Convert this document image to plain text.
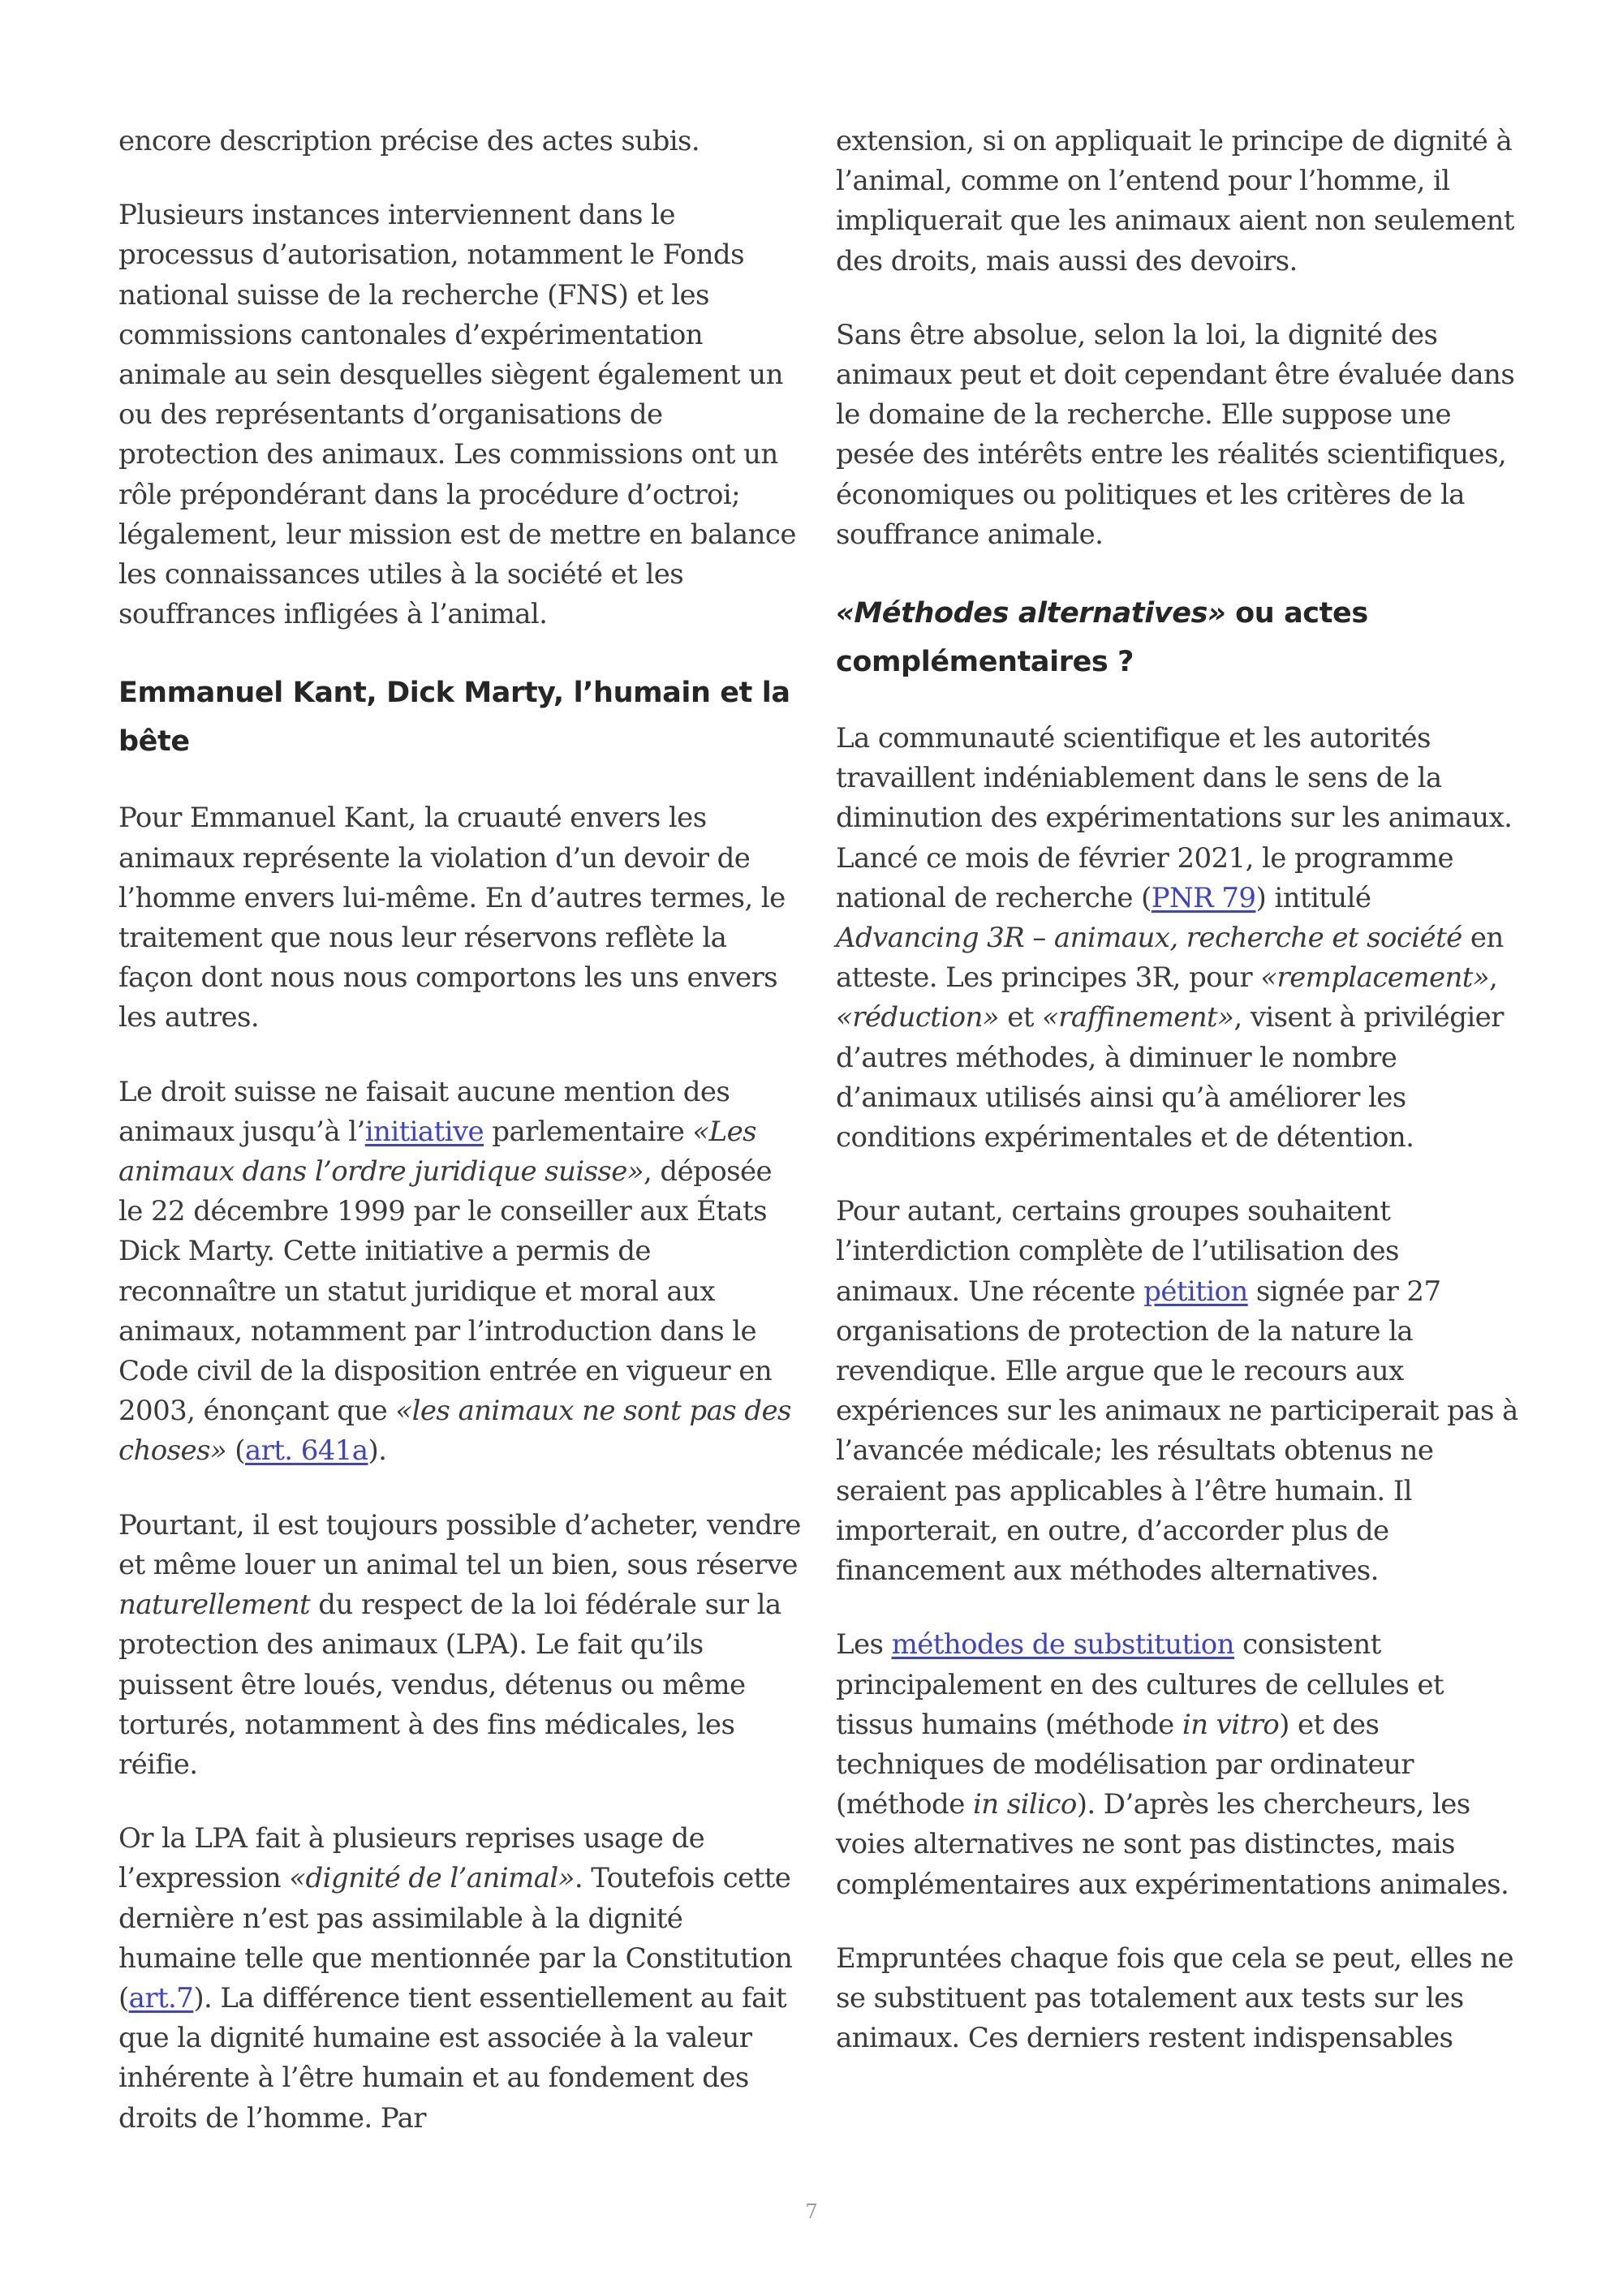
encore description précise des actes subis.

Plusieurs instances interviennent dans le processus d’autorisation, notamment le Fonds national suisse de la recherche (FNS) et les commissions cantonales d’expérimentation animale au sein desquelles siègent également un ou des représentants d’organisations de protection des animaux. Les commissions ont un rôle prépondérant dans la procédure d’octroi; légalement, leur mission est de mettre en balance les connaissances utiles à la société et les souffrances infligées à l’animal.

Emmanuel Kant, Dick Marty, l’humain et la bête

Pour Emmanuel Kant, la cruauté envers les animaux représente la violation d’un devoir de l’homme envers lui-même. En d’autres termes, le traitement que nous leur réservons reflète la façon dont nous nous comportons les uns envers les autres.

Le droit suisse ne faisait aucune mention des animaux jusqu’à l’initiative parlementaire «Les animaux dans l’ordre juridique suisse», déposée le 22 décembre 1999 par le conseiller aux États Dick Marty. Cette initiative a permis de reconnaître un statut juridique et moral aux animaux, notamment par l’introduction dans le Code civil de la disposition entrée en vigueur en 2003, énonçant que «les animaux ne sont pas des choses» (art. 641a).

Pourtant, il est toujours possible d’acheter, vendre et même louer un animal tel un bien, sous réserve naturellement du respect de la loi fédérale sur la protection des animaux (LPA). Le fait qu’ils puissent être loués, vendus, détenus ou même torturés, notamment à des fins médicales, les réifie.

Or la LPA fait à plusieurs reprises usage de l’expression «dignité de l’animal». Toutefois cette dernière n’est pas assimilable à la dignité humaine telle que mentionnée par la Constitution (art.7). La différence tient essentiellement au fait que la dignité humaine est associée à la valeur inhérente à l’être humain et au fondement des droits de l’homme. Par

extension, si on appliquait le principe de dignité à l’animal, comme on l’entend pour l’homme, il impliquerait que les animaux aient non seulement des droits, mais aussi des devoirs.

Sans être absolue, selon la loi, la dignité des animaux peut et doit cependant être évaluée dans le domaine de la recherche. Elle suppose une pesée des intérêts entre les réalités scientifiques, économiques ou politiques et les critères de la souffrance animale.

«Méthodes alternatives» ou actes complémentaires ?

La communauté scientifique et les autorités travaillent indéniablement dans le sens de la diminution des expérimentations sur les animaux. Lancé ce mois de février 2021, le programme national de recherche (PNR 79) intitulé Advancing 3R – animaux, recherche et société en atteste. Les principes 3R, pour «remplacement», «réduction» et «raffinement», visent à privilégier d’autres méthodes, à diminuer le nombre d’animaux utilisés ainsi qu’à améliorer les conditions expérimentales et de détention.

Pour autant, certains groupes souhaitent l’interdiction complète de l’utilisation des animaux. Une récente pétition signée par 27 organisations de protection de la nature la revendique. Elle argue que le recours aux expériences sur les animaux ne participerait pas à l’avancée médicale; les résultats obtenus ne seraient pas applicables à l’être humain. Il importerait, en outre, d’accorder plus de financement aux méthodes alternatives.

Les méthodes de substitution consistent principalement en des cultures de cellules et tissus humains (méthode in vitro) et des techniques de modélisation par ordinateur (méthode in silico). D’après les chercheurs, les voies alternatives ne sont pas distinctes, mais complémentaires aux expérimentations animales.

Empruntées chaque fois que cela se peut, elles ne se substituent pas totalement aux tests sur les animaux. Ces derniers restent indispensables

7
